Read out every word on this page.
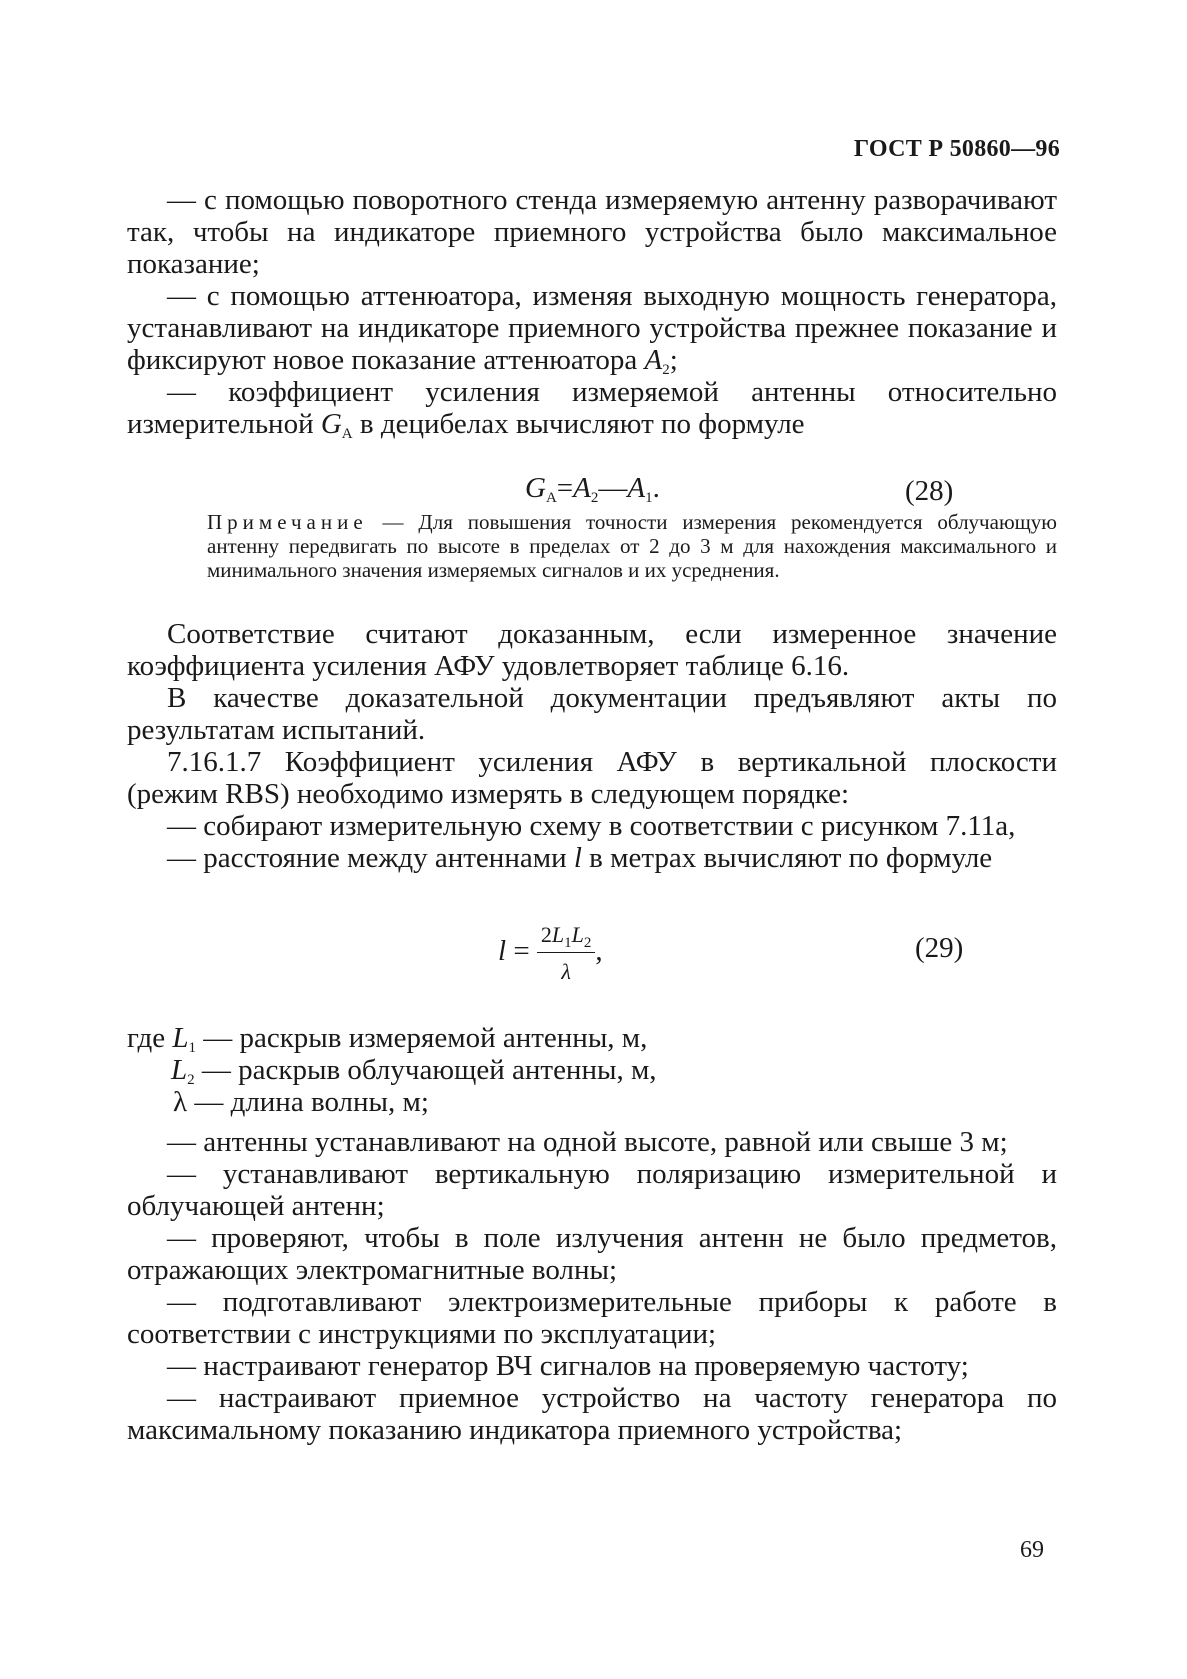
ГОСТ Р 50860—96

— с помощью поворотного стенда измеряемую антенну разворачивают так, чтобы на индикаторе приемного устройства было максимальное показание;

— с помощью аттенюатора, изменяя выходную мощность генератора, устанавливают на индикаторе приемного устройства прежнее показание и фиксируют новое показание аттенюатора $A_2$;

— коэффициент усиления измеряемой антенны относительно измерительной $G_A$ в децибелах вычисляют по формуле

$G_A=A_2—A_1$.	(28)
Примечание — Для повышения точности измерения рекомендуется облучающую антенну передвигать по высоте в пределах от 2 до 3 м для нахождения максимального и минимального значения измеряемых сигналов и их усреднения.

Соответствие считают доказанным, если измеренное значение коэффициента усиления АФУ удовлетворяет таблице 6.16.

В качестве доказательной документации предъявляют акты по результатам испытаний.

7.16.1.7 Коэффициент усиления АФУ в вертикальной плоскости (режим RBS) необходимо измерять в следующем порядке:

— собирают измерительную схему в соответствии с рисунком 7.11а,

— расстояние между антеннами l в метрах вычисляют по формуле

$l = \frac{2L_1L_2}{\lambda}$ ,	(29)

где $L_1$ — раскрыв измеряемой антенны, м,

$L_2$ — раскрыв облучающей антенны, м,

λ — длина волны, м;

— антенны устанавливают на одной высоте, равной или свыше 3 м;

— устанавливают вертикальную поляризацию измерительной и облучающей антенн;

— проверяют, чтобы в поле излучения антенн не было предметов, отражающих электромагнитные волны;

— подготавливают электроизмерительные приборы к работе в соответствии с инструкциями по эксплуатации;

— настраивают генератор ВЧ сигналов на проверяемую частоту;

— настраивают приемное устройство на частоту генератора по максимальному показанию индикатора приемного устройства;

69
